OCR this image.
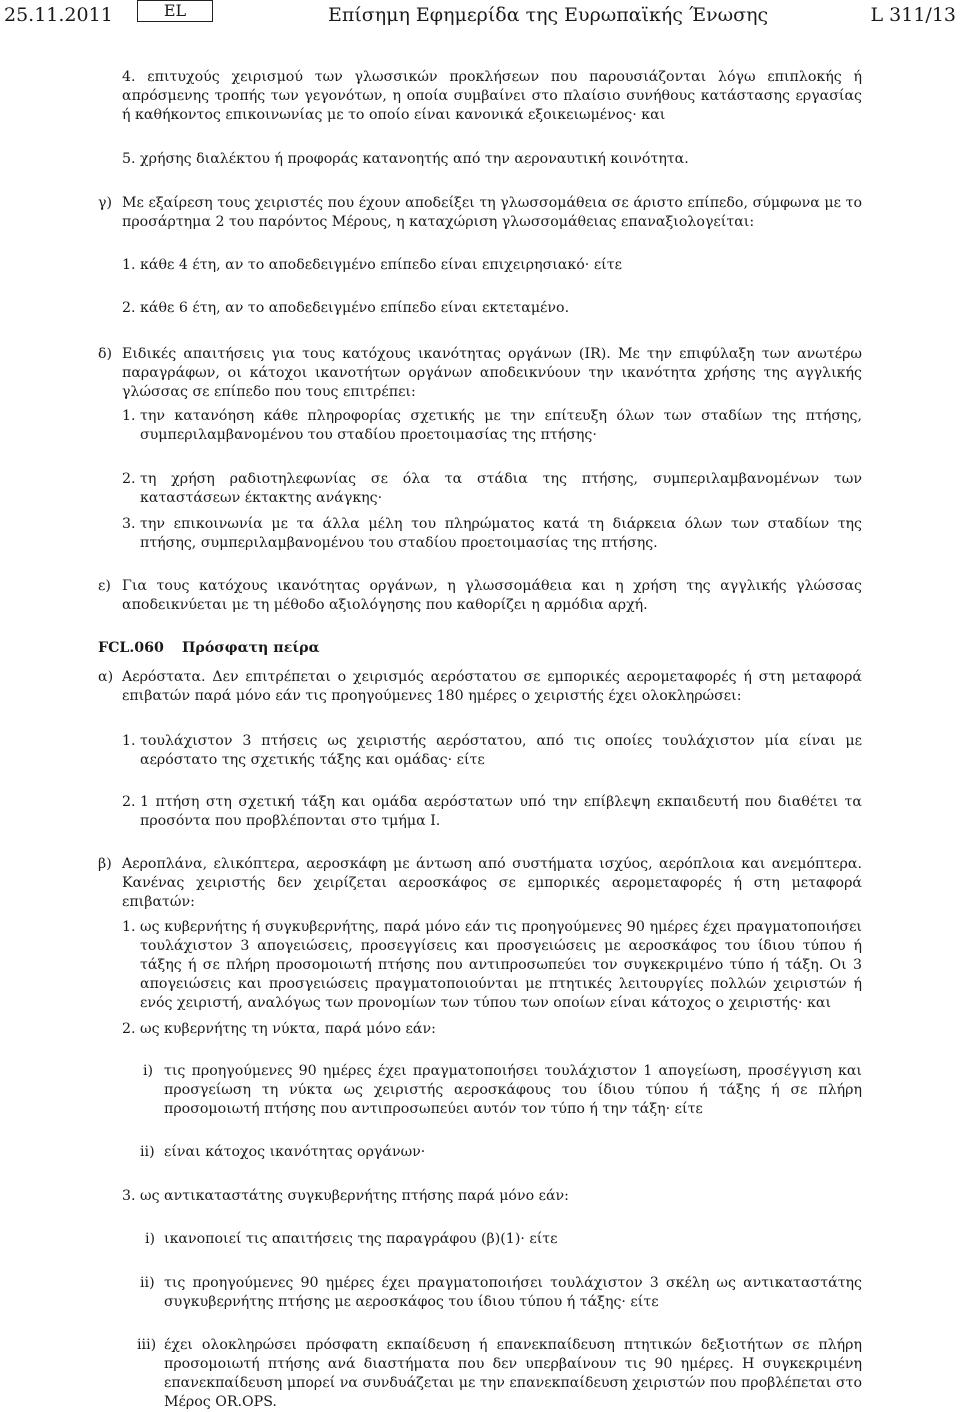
25.11.2011	EL	Επίσημη Εφημερίδα της Ευρωπαϊκής Ένωσης	L 311/13
4. επιτυχούς χειρισμού των γλωσσικών προκλήσεων που παρουσιάζονται λόγω επιπλοκής ή απρόσμενης τροπής των γεγονότων, η οποία συμβαίνει στο πλαίσιο συνήθους κατάστασης εργασίας ή καθήκοντος επικοινωνίας με το οποίο είναι κανονικά εξοικειωμένος· και
5. χρήσης διαλέκτου ή προφοράς κατανοητής από την αεροναυτική κοινότητα.
γ) Με εξαίρεση τους χειριστές που έχουν αποδείξει τη γλωσσομάθεια σε άριστο επίπεδο, σύμφωνα με το προσάρτημα 2 του παρόντος Μέρους, η καταχώριση γλωσσομάθειας επαναξιολογείται:
1. κάθε 4 έτη, αν το αποδεδειγμένο επίπεδο είναι επιχειρησιακό· είτε
2. κάθε 6 έτη, αν το αποδεδειγμένο επίπεδο είναι εκτεταμένο.
δ) Ειδικές απαιτήσεις για τους κατόχους ικανότητας οργάνων (IR). Με την επιφύλαξη των ανωτέρω παραγράφων, οι κάτοχοι ικανοτήτων οργάνων αποδεικνύουν την ικανότητα χρήσης της αγγλικής γλώσσας σε επίπεδο που τους επιτρέπει:
1. την κατανόηση κάθε πληροφορίας σχετικής με την επίτευξη όλων των σταδίων της πτήσης, συμπεριλαμβανομένου του σταδίου προετοιμασίας της πτήσης·
2. τη χρήση ραδιοτηλεφωνίας σε όλα τα στάδια της πτήσης, συμπεριλαμβανομένων των καταστάσεων έκτακτης ανάγκης·
3. την επικοινωνία με τα άλλα μέλη του πληρώματος κατά τη διάρκεια όλων των σταδίων της πτήσης, συμπεριλαμβανομένου του σταδίου προετοιμασίας της πτήσης.
ε) Για τους κατόχους ικανότητας οργάνων, η γλωσσομάθεια και η χρήση της αγγλικής γλώσσας αποδεικνύεται με τη μέθοδο αξιολόγησης που καθορίζει η αρμόδια αρχή.
FCL.060 Πρόσφατη πείρα
α) Αερόστατα. Δεν επιτρέπεται ο χειρισμός αερόστατου σε εμπορικές αερομεταφορές ή στη μεταφορά επιβατών παρά μόνο εάν τις προηγούμενες 180 ημέρες ο χειριστής έχει ολοκληρώσει:
1. τουλάχιστον 3 πτήσεις ως χειριστής αερόστατου, από τις οποίες τουλάχιστον μία είναι με αερόστατο της σχετικής τάξης και ομάδας· είτε
2. 1 πτήση στη σχετική τάξη και ομάδα αερόστατων υπό την επίβλεψη εκπαιδευτή που διαθέτει τα προσόντα που προβλέπονται στο τμήμα I.
β) Αεροπλάνα, ελικόπτερα, αεροσκάφη με άντωση από συστήματα ισχύος, αερόπλοια και ανεμόπτερα. Κανένας χειριστής δεν χειρίζεται αεροσκάφος σε εμπορικές αερομεταφορές ή στη μεταφορά επιβατών:
1. ως κυβερνήτης ή συγκυβερνήτης, παρά μόνο εάν τις προηγούμενες 90 ημέρες έχει πραγματοποιήσει τουλάχιστον 3 απογειώσεις, προσεγγίσεις και προσγειώσεις με αεροσκάφος του ίδιου τύπου ή τάξης ή σε πλήρη προσομοιωτή πτήσης που αντιπροσωπεύει τον συγκεκριμένο τύπο ή τάξη. Οι 3 απογειώσεις και προσγειώσεις πραγματοποιούνται με πτητικές λειτουργίες πολλών χειριστών ή ενός χειριστή, αναλόγως των προνομίων των τύπου των οποίων είναι κάτοχος ο χειριστής· και
2. ως κυβερνήτης τη νύκτα, παρά μόνο εάν:
i) τις προηγούμενες 90 ημέρες έχει πραγματοποιήσει τουλάχιστον 1 απογείωση, προσέγγιση και προσγείωση τη νύκτα ως χειριστής αεροσκάφους του ίδιου τύπου ή τάξης ή σε πλήρη προσομοιωτή πτήσης που αντιπροσωπεύει αυτόν τον τύπο ή την τάξη· είτε
ii) είναι κάτοχος ικανότητας οργάνων·
3. ως αντικαταστάτης συγκυβερνήτης πτήσης παρά μόνο εάν:
i) ικανοποιεί τις απαιτήσεις της παραγράφου (β)(1)· είτε
ii) τις προηγούμενες 90 ημέρες έχει πραγματοποιήσει τουλάχιστον 3 σκέλη ως αντικαταστάτης συγκυβερνήτης πτήσης με αεροσκάφος του ίδιου τύπου ή τάξης· είτε
iii) έχει ολοκληρώσει πρόσφατη εκπαίδευση ή επανεκπαίδευση πτητικών δεξιοτήτων σε πλήρη προσομοιωτή πτήσης ανά διαστήματα που δεν υπερβαίνουν τις 90 ημέρες. Η συγκεκριμένη επανεκπαίδευση μπορεί να συνδυάζεται με την επανεκπαίδευση χειριστών που προβλέπεται στο Μέρος OR.OPS.
